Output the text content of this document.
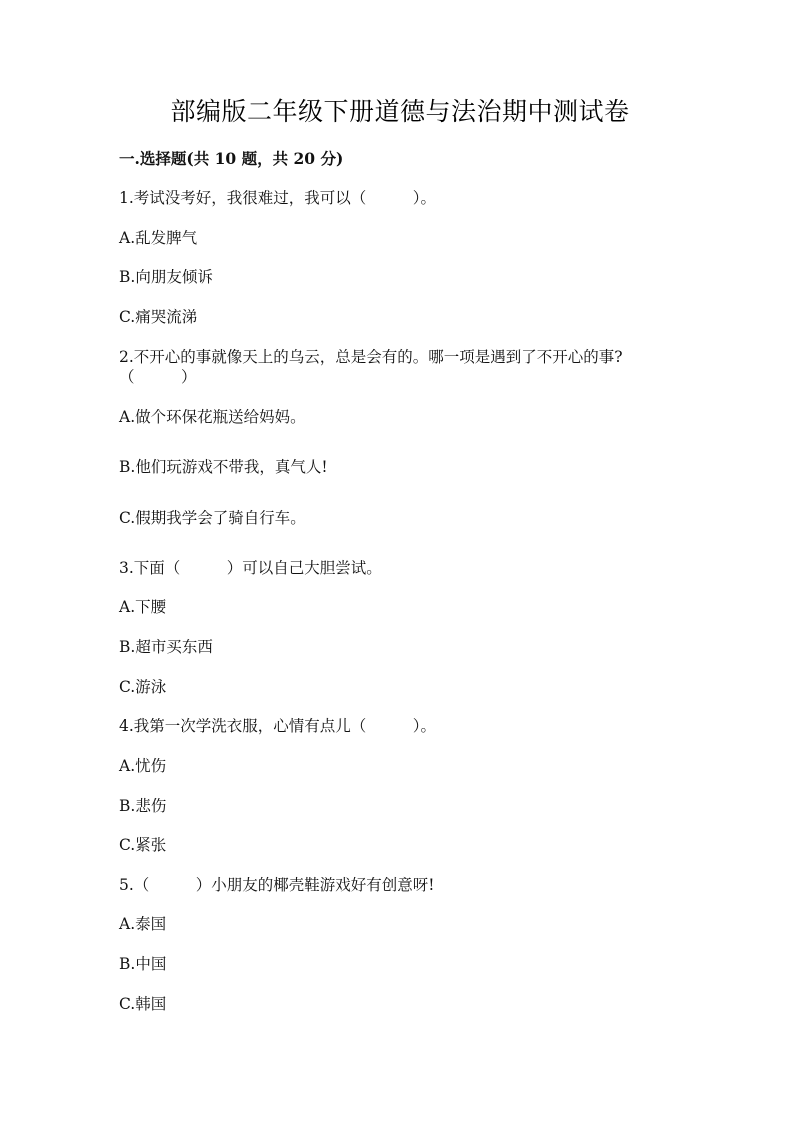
部编版二年级下册道德与法治期中测试卷
一.选择题(共 10 题，共 20 分)
1.考试没考好，我很难过，我可以（　　　）。
A.乱发脾气
B.向朋友倾诉
C.痛哭流涕
2.不开心的事就像天上的乌云，总是会有的。哪一项是遇到了不开心的事?
（　　　）
A.做个环保花瓶送给妈妈。
B.他们玩游戏不带我，真气人!
C.假期我学会了骑自行车。
3.下面（　　　）可以自己大胆尝试。
A.下腰
B.超市买东西
C.游泳
4.我第一次学洗衣服，心情有点儿（　　　）。
A.忧伤
B.悲伤
C.紧张
5.（　　　）小朋友的椰壳鞋游戏好有创意呀!
A.泰国
B.中国
C.韩国
